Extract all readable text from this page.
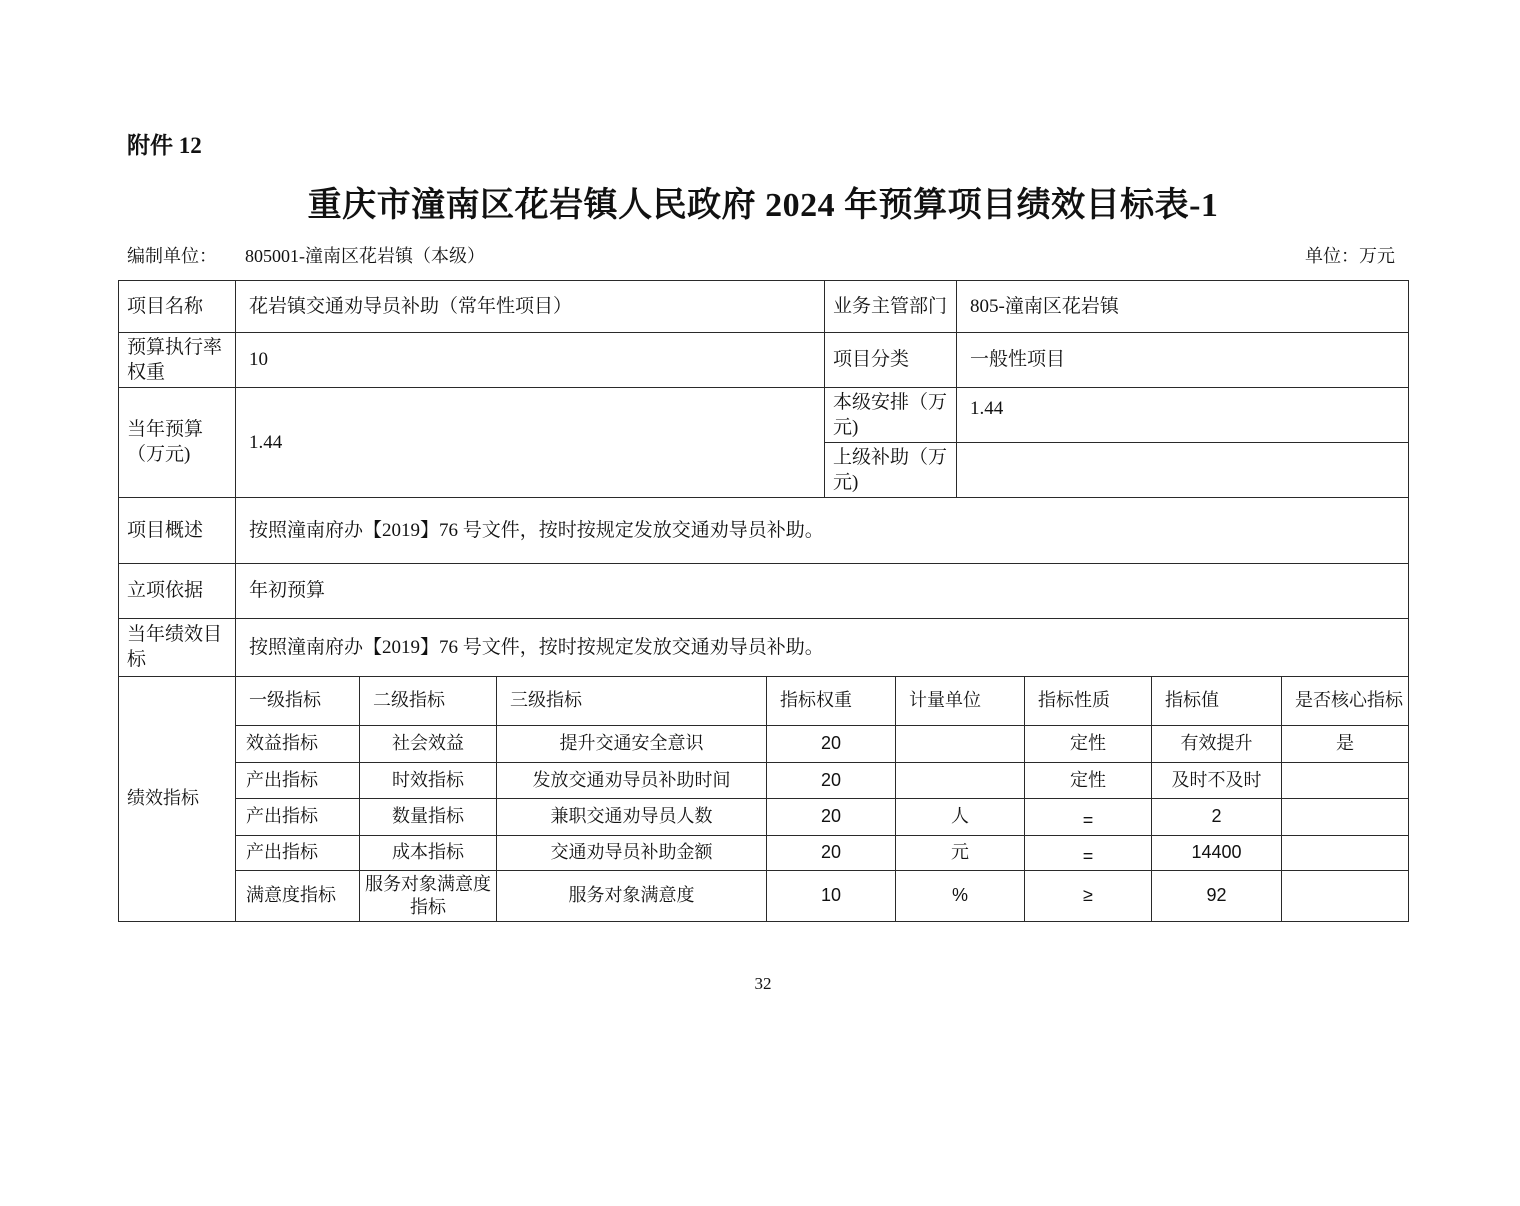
附件 12
重庆市潼南区花岩镇人民政府 2024 年预算项目绩效目标表-1
编制单位： 805001-潼南区花岩镇（本级）	单位：万元
项目名称	花岩镇交通劝导员补助（常年性项目）	业务主管部门	805-潼南区花岩镇
预算执行率权重	10	项目分类	一般性项目
当年预算 （万元)	1.44	本级安排（万元)	1.44
		上级补助（万元)	
项目概述	按照潼南府办【2019】76 号文件，按时按规定发放交通劝导员补助。		
立项依据	年初预算		
当年绩效目标	按照潼南府办【2019】76 号文件，按时按规定发放交通劝导员补助。		
绩效指标	一级指标	二级指标	三级指标	指标权重	计量单位	指标性质	指标值	是否核心指标
	效益指标	社会效益	提升交通安全意识	20		定性	有效提升	是
	产出指标	时效指标	发放交通劝导员补助时间	20		定性	及时不及时	
	产出指标	数量指标	兼职交通劝导员人数	20	人	=	2	
	产出指标	成本指标	交通劝导员补助金额	20	元	=	14400	
	满意度指标	服务对象满意度指标	服务对象满意度	10	%	≥	92	
32
